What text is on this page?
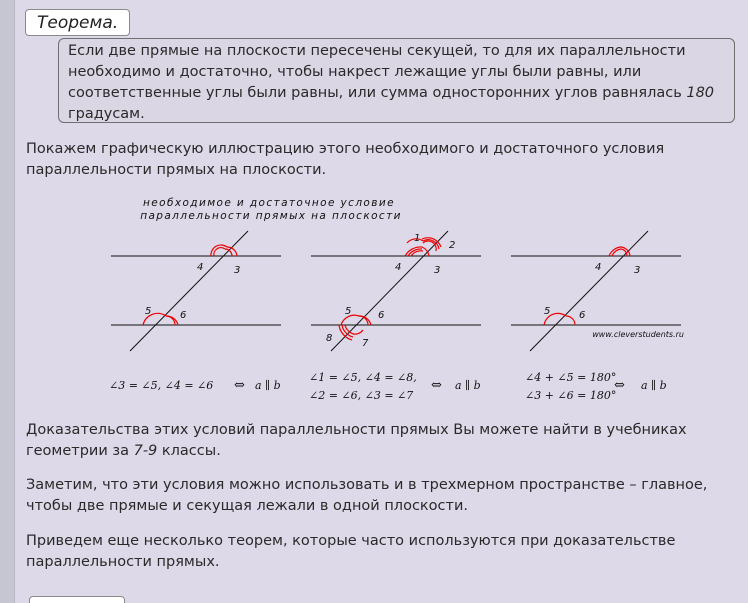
Теорема.
Если две прямые на плоскости пересечены секущей, то для их параллельности необходимо и достаточно, чтобы накрест лежащие углы были равны, или соответственные углы были равны, или сумма односторонних углов равнялась 180 градусам.

Покажем графическую иллюстрацию этого необходимого и достаточного условия параллельности прямых на плоскости.

необходимое и достаточное условие
параллельности прямых на плоскости
4	3
5	6
1
2
4	3
5	6
8	7
4	3
5	6
www.cleverstudents.ru
∠3 = ∠5, ∠4 = ∠6 ⇔ a ∥ b
∠1 = ∠5, ∠4 = ∠8,
∠2 = ∠6, ∠3 = ∠7
⇔ a ∥ b
∠4 + ∠5 = 180°
∠3 + ∠6 = 180°
⇔ a ∥ b

Доказательства этих условий параллельности прямых Вы можете найти в учебниках геометрии за 7-9 классы.

Заметим, что эти условия можно использовать и в трехмерном пространстве – главное, чтобы две прямые и секущая лежали в одной плоскости.

Приведем еще несколько теорем, которые часто используются при доказательстве параллельности прямых.
